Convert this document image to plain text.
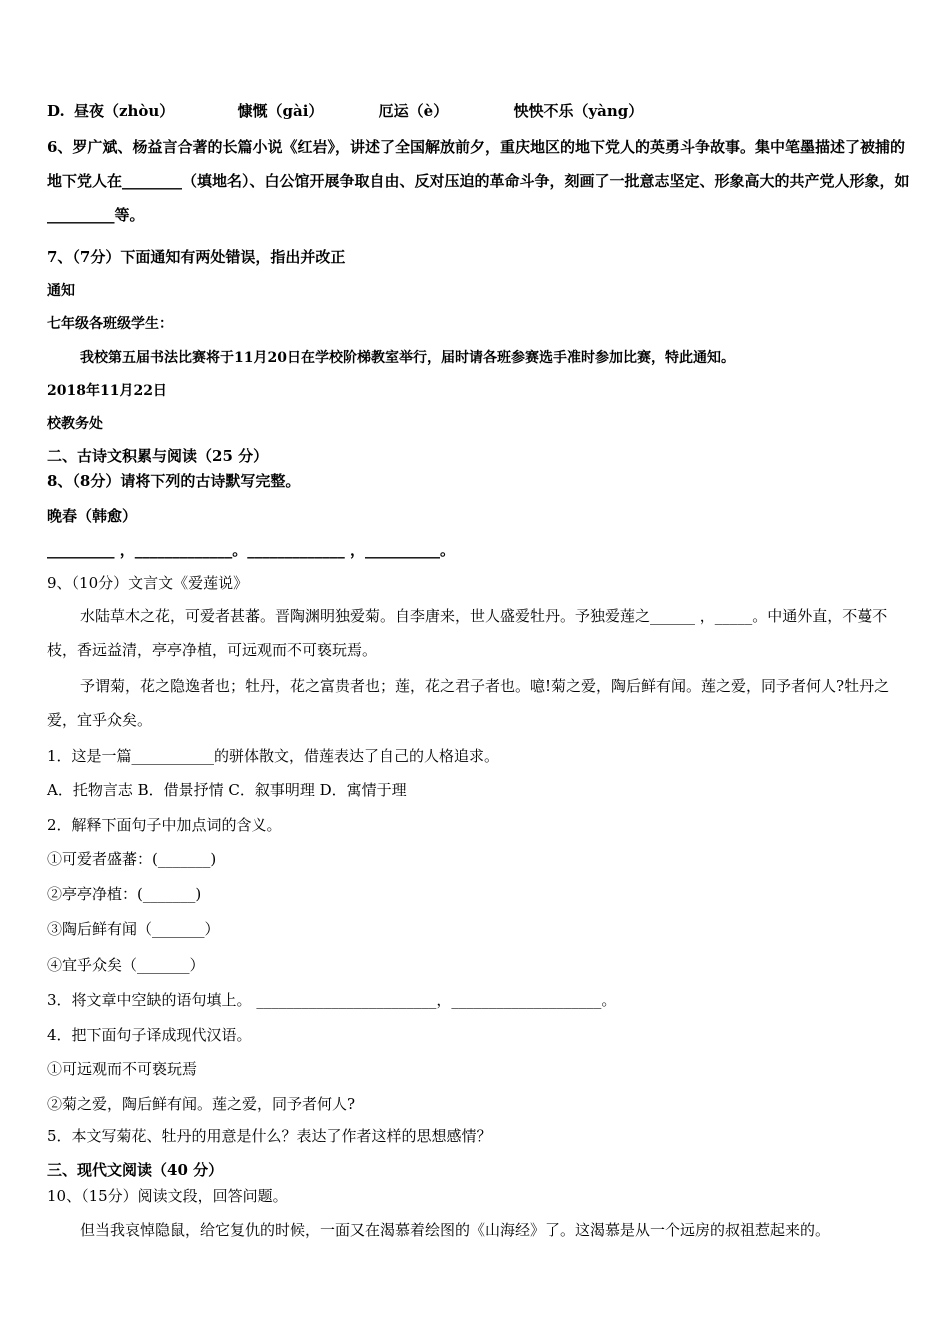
D. 昼夜（zhòu）	慷慨（gài）	厄运（è）	怏怏不乐（yàng）
6、罗广斌、杨益言合著的长篇小说《红岩》，讲述了全国解放前夕，重庆地区的地下党人的英勇斗争故事。集中笔墨描述了被捕的地下党人在________（填地名）、白公馆开展争取自由、反对压迫的革命斗争，刻画了一批意志坚定、形象高大的共产党人形象，如_________等。
7、（7分）下面通知有两处错误，指出并改正
通知
七年级各班级学生：
我校第五届书法比赛将于11月20日在学校阶梯教室举行，届时请各班参赛选手准时参加比赛，特此通知。
2018年11月22日
校教务处
二、古诗文积累与阅读（25 分）
8、（8分）请将下列的古诗默写完整。
晚春（韩愈）
_________ ，_____________。_____________ ，__________。
9、（10分）文言文《爱莲说》
水陆草木之花，可爱者甚蕃。晋陶渊明独爱菊。自李唐来，世人盛爱牡丹。予独爱莲之______ ，_____。中通外直，不蔓不枝，香远益清，亭亭净植，可远观而不可亵玩焉。
予谓菊，花之隐逸者也；牡丹，花之富贵者也；莲，花之君子者也。噫!菊之爱，陶后鲜有闻。莲之爱，同予者何人?牡丹之爱，宜乎众矣。
1．这是一篇___________的骈体散文，借莲表达了自己的人格追求。
A．托物言志 B．借景抒情 C．叙事明理 D．寓情于理
2．解释下面句子中加点词的含义。
①可爱者盛蕃：(_______)
②亭亭净植：(_______)
③陶后鲜有闻（_______）
④宜乎众矣（_______）
3．将文章中空缺的语句填上。 ________________________，____________________。
4．把下面句子译成现代汉语。
①可远观而不可亵玩焉
②菊之爱，陶后鲜有闻。莲之爱，同予者何人?
5．本文写菊花、牡丹的用意是什么？表达了作者这样的思想感情？
三、现代文阅读（40 分）
10、（15分）阅读文段，回答问题。
但当我哀悼隐鼠，给它复仇的时候，一面又在渴慕着绘图的《山海经》了。这渴慕是从一个远房的叔祖惹起来的。
